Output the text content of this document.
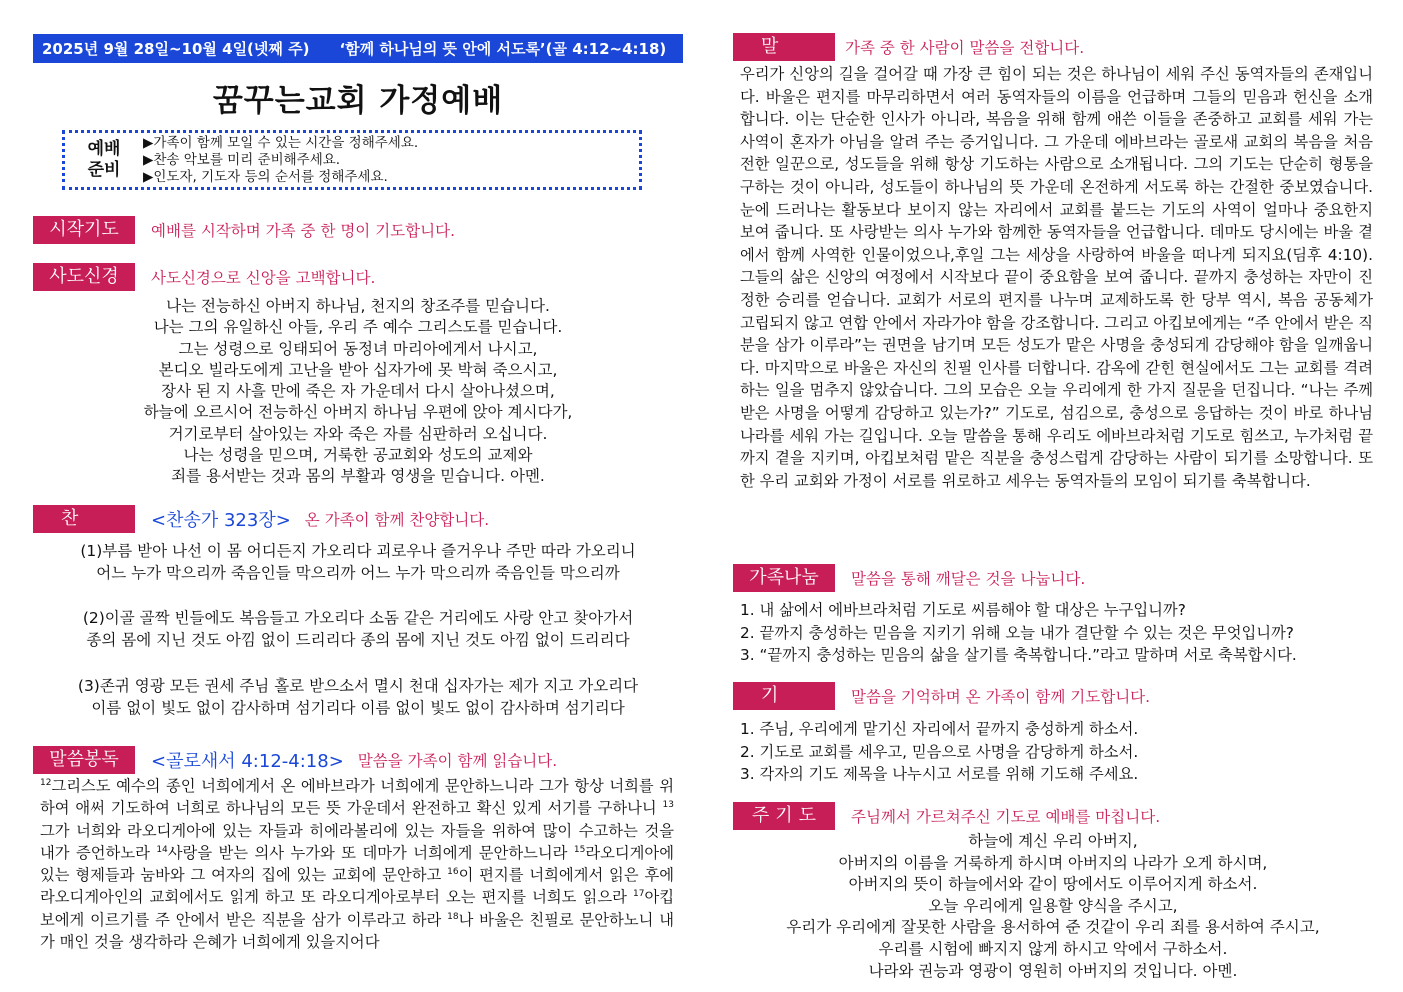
2025년 9월 28일~10월 4일(넷째 주) ‘함께 하나님의 뜻 안에 서도록’(골 4:12~4:18)
꿈꾸는교회 가정예배
예배
준비
▶가족이 함께 모일 수 있는 시간을 정해주세요.
▶찬송 악보를 미리 준비해주세요.
▶인도자, 기도자 등의 순서를 정해주세요.
시작기도	예배를 시작하며 가족 중 한 명이 기도합니다.
사도신경	사도신경으로 신앙을 고백합니다.
나는 전능하신 아버지 하나님, 천지의 창조주를 믿습니다.
나는 그의 유일하신 아들, 우리 주 예수 그리스도를 믿습니다.
그는 성령으로 잉태되어 동정녀 마리아에게서 나시고,
본디오 빌라도에게 고난을 받아 십자가에 못 박혀 죽으시고,
장사 된 지 사흘 만에 죽은 자 가운데서 다시 살아나셨으며,
하늘에 오르시어 전능하신 아버지 하나님 우편에 앉아 계시다가,
거기로부터 살아있는 자와 죽은 자를 심판하러 오십니다.
나는 성령을 믿으며, 거룩한 공교회와 성도의 교제와
죄를 용서받는 것과 몸의 부활과 영생을 믿습니다. 아멘.
찬 양
<찬송가 323장> 온 가족이 함께 찬양합니다.
(1)부름 받아 나선 이 몸 어디든지 가오리다 괴로우나 즐거우나 주만 따라 가오리니
어느 누가 막으리까 죽음인들 막으리까 어느 누가 막으리까 죽음인들 막으리까
(2)이골 골짝 빈들에도 복음들고 가오리다 소돔 같은 거리에도 사랑 안고 찾아가서
종의 몸에 지닌 것도 아낌 없이 드리리다 종의 몸에 지닌 것도 아낌 없이 드리리다
(3)존귀 영광 모든 권세 주님 홀로 받으소서 멸시 천대 십자가는 제가 지고 가오리다
이름 없이 빛도 없이 감사하며 섬기리다 이름 없이 빛도 없이 감사하며 섬기리다
말씀봉독	<골로새서 4:12-4:18> 말씀을 가족이 함께 읽습니다.
$^{12}$그리스도 예수의 종인 너희에게서 온 에바브라가 너희에게 문안하느니라 그가 항상 너희를 위하여 애써 기도하여 너희로 하나님의 모든 뜻 가운데서 완전하고 확신 있게 서기를 구하나니 $^{13}$그가 너희와 라오디게아에 있는 자들과 히에라볼리에 있는 자들을 위하여 많이 수고하는 것을 내가 증언하노라 $^{14}$사랑을 받는 의사 누가와 또 데마가 너희에게 문안하느니라 $^{15}$라오디게아에 있는 형제들과 눔바와 그 여자의 집에 있는 교회에 문안하고 $^{16}$이 편지를 너희에게서 읽은 후에 라오디게아인의 교회에서도 읽게 하고 또 라오디게아로부터 오는 편지를 너희도 읽으라 $^{17}$아킵보에게 이르기를 주 안에서 받은 직분을 삼가 이루라고 하라 $^{18}$나 바울은 친필로 문안하노니 내가 매인 것을 생각하라 은혜가 너희에게 있을지어다
말 씀
가족 중 한 사람이 말씀을 전합니다.
우리가 신앙의 길을 걸어갈 때 가장 큰 힘이 되는 것은 하나님이 세워 주신 동역자들의 존재입니다. 바울은 편지를 마무리하면서 여러 동역자들의 이름을 언급하며 그들의 믿음과 헌신을 소개합니다. 이는 단순한 인사가 아니라, 복음을 위해 함께 애쓴 이들을 존중하고 교회를 세워 가는 사역이 혼자가 아님을 알려 주는 증거입니다. 그 가운데 에바브라는 골로새 교회의 복음을 처음 전한 일꾼으로, 성도들을 위해 항상 기도하는 사람으로 소개됩니다. 그의 기도는 단순히 형통을 구하는 것이 아니라, 성도들이 하나님의 뜻 가운데 온전하게 서도록 하는 간절한 중보였습니다. 눈에 드러나는 활동보다 보이지 않는 자리에서 교회를 붙드는 기도의 사역이 얼마나 중요한지 보여 줍니다. 또 사랑받는 의사 누가와 함께한 동역자들을 언급합니다. 데마도 당시에는 바울 곁에서 함께 사역한 인물이었으나,후일 그는 세상을 사랑하여 바울을 떠나게 되지요(딤후 4:10). 그들의 삶은 신앙의 여정에서 시작보다 끝이 중요함을 보여 줍니다. 끝까지 충성하는 자만이 진정한 승리를 얻습니다. 교회가 서로의 편지를 나누며 교제하도록 한 당부 역시, 복음 공동체가 고립되지 않고 연합 안에서 자라가야 함을 강조합니다. 그리고 아킵보에게는 “주 안에서 받은 직분을 삼가 이루라”는 권면을 남기며 모든 성도가 맡은 사명을 충성되게 감당해야 함을 일깨웁니다. 마지막으로 바울은 자신의 친필 인사를 더합니다. 감옥에 갇힌 현실에서도 그는 교회를 격려하는 일을 멈추지 않았습니다. 그의 모습은 오늘 우리에게 한 가지 질문을 던집니다. “나는 주께 받은 사명을 어떻게 감당하고 있는가?” 기도로, 섬김으로, 충성으로 응답하는 것이 바로 하나님 나라를 세워 가는 길입니다. 오늘 말씀을 통해 우리도 에바브라처럼 기도로 힘쓰고, 누가처럼 끝까지 곁을 지키며, 아킵보처럼 맡은 직분을 충성스럽게 감당하는 사람이 되기를 소망합니다. 또한 우리 교회와 가정이 서로를 위로하고 세우는 동역자들의 모임이 되기를 축복합니다.
가족나눔	말씀을 통해 깨달은 것을 나눕니다.
1. 내 삶에서 에바브라처럼 기도로 씨름해야 할 대상은 누구입니까?
2. 끝까지 충성하는 믿음을 지키기 위해 오늘 내가 결단할 수 있는 것은 무엇입니까?
3. “끝까지 충성하는 믿음의 삶을 살기를 축복합니다.”라고 말하며 서로 축복합시다.
기 도
말씀을 기억하며 온 가족이 함께 기도합니다.
1. 주님, 우리에게 맡기신 자리에서 끝까지 충성하게 하소서.
2. 기도로 교회를 세우고, 믿음으로 사명을 감당하게 하소서.
3. 각자의 기도 제목을 나누시고 서로를 위해 기도해 주세요.
주기도	주님께서 가르쳐주신 기도로 예배를 마칩니다.
하늘에 계신 우리 아버지,
아버지의 이름을 거룩하게 하시며 아버지의 나라가 오게 하시며,
아버지의 뜻이 하늘에서와 같이 땅에서도 이루어지게 하소서.
오늘 우리에게 일용할 양식을 주시고,
우리가 우리에게 잘못한 사람을 용서하여 준 것같이 우리 죄를 용서하여 주시고,
우리를 시험에 빠지지 않게 하시고 악에서 구하소서.
나라와 권능과 영광이 영원히 아버지의 것입니다. 아멘.
